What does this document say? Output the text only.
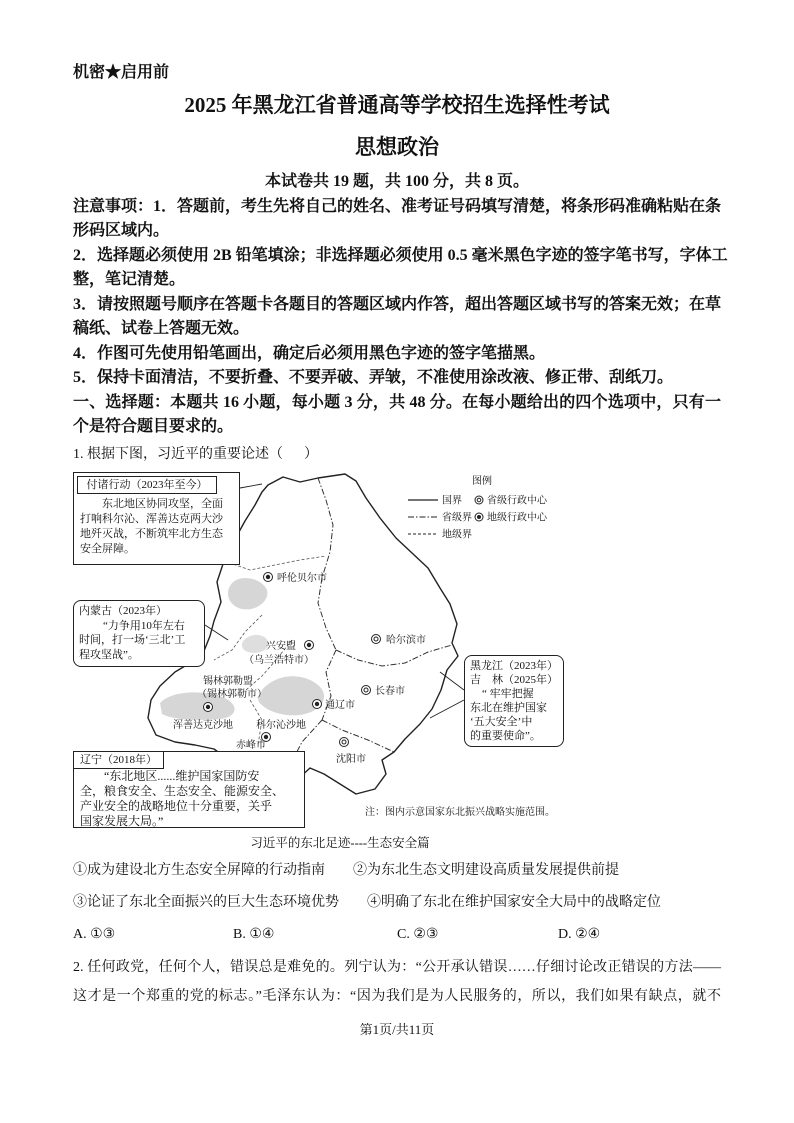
机密★启用前
2025 年黑龙江省普通高等学校招生选择性考试
思想政治
本试卷共 19 题，共 100 分，共 8 页。
注意事项：1．答题前，考生先将自己的姓名、准考证号码填写清楚，将条形码准确粘贴在条
形码区域内。
2．选择题必须使用 2B 铅笔填涂；非选择题必须使用 0.5 毫米黑色字迹的签字笔书写，字体工
整，笔记清楚。
3．请按照题号顺序在答题卡各题目的答题区域内作答，超出答题区域书写的答案无效；在草
稿纸、试卷上答题无效。
4．作图可先使用铅笔画出，确定后必须用黑色字迹的签字笔描黑。
5．保持卡面清洁，不要折叠、不要弄破、弄皱，不准使用涂改液、修正带、刮纸刀。
一、选择题：本题共 16 小题，每小题 3 分，共 48 分。在每小题给出的四个选项中，只有一
个是符合题目要求的。
1. 根据下图，习近平的重要论述（      ）
图例
国界
省级界
地级界
省级行政中心
地级行政中心
呼伦贝尔市
哈尔滨市
兴安盟
（乌兰浩特市）
锡林郭勒盟
（锡林郭勒市）	长春市
通辽市
浑善达克沙地 科尔沁沙地
赤峰市
沈阳市
注：图内示意国家东北振兴战略实施范围。
付诸行动（2023年至今）
东北地区协同攻坚，全面
打响科尔沁、浑善达克两大沙
地歼灭战，不断筑牢北方生态
安全屏障。
内蒙古（2023年）
“力争用10年左右
时间，打一场‘三北’工
程攻坚战”。
黑龙江（2023年）
吉　林（2025年）
“ 牢牢把握
东北在维护国家
‘五大安全’中
的重要使命”。
辽宁（2018年）
“东北地区......维护国家国防安
全，粮食安全、生态安全、能源安全、
产业安全的战略地位十分重要，关乎
国家发展大局。”
习近平的东北足迹----生态安全篇
①成为建设北方生态安全屏障的行动指南 ②为东北生态文明建设高质量发展提供前提
③论证了东北全面振兴的巨大生态环境优势 ④明确了东北在维护国家安全大局中的战略定位
A. ①③	B. ①④	C. ②③	D. ②④
2. 任何政党，任何个人，错误总是难免的。列宁认为：“公开承认错误……仔细讨论改正错误的方法——
这才是一个郑重的党的标志。”毛泽东认为：“因为我们是为人民服务的，所以，我们如果有缺点，就不
第1页/共11页
